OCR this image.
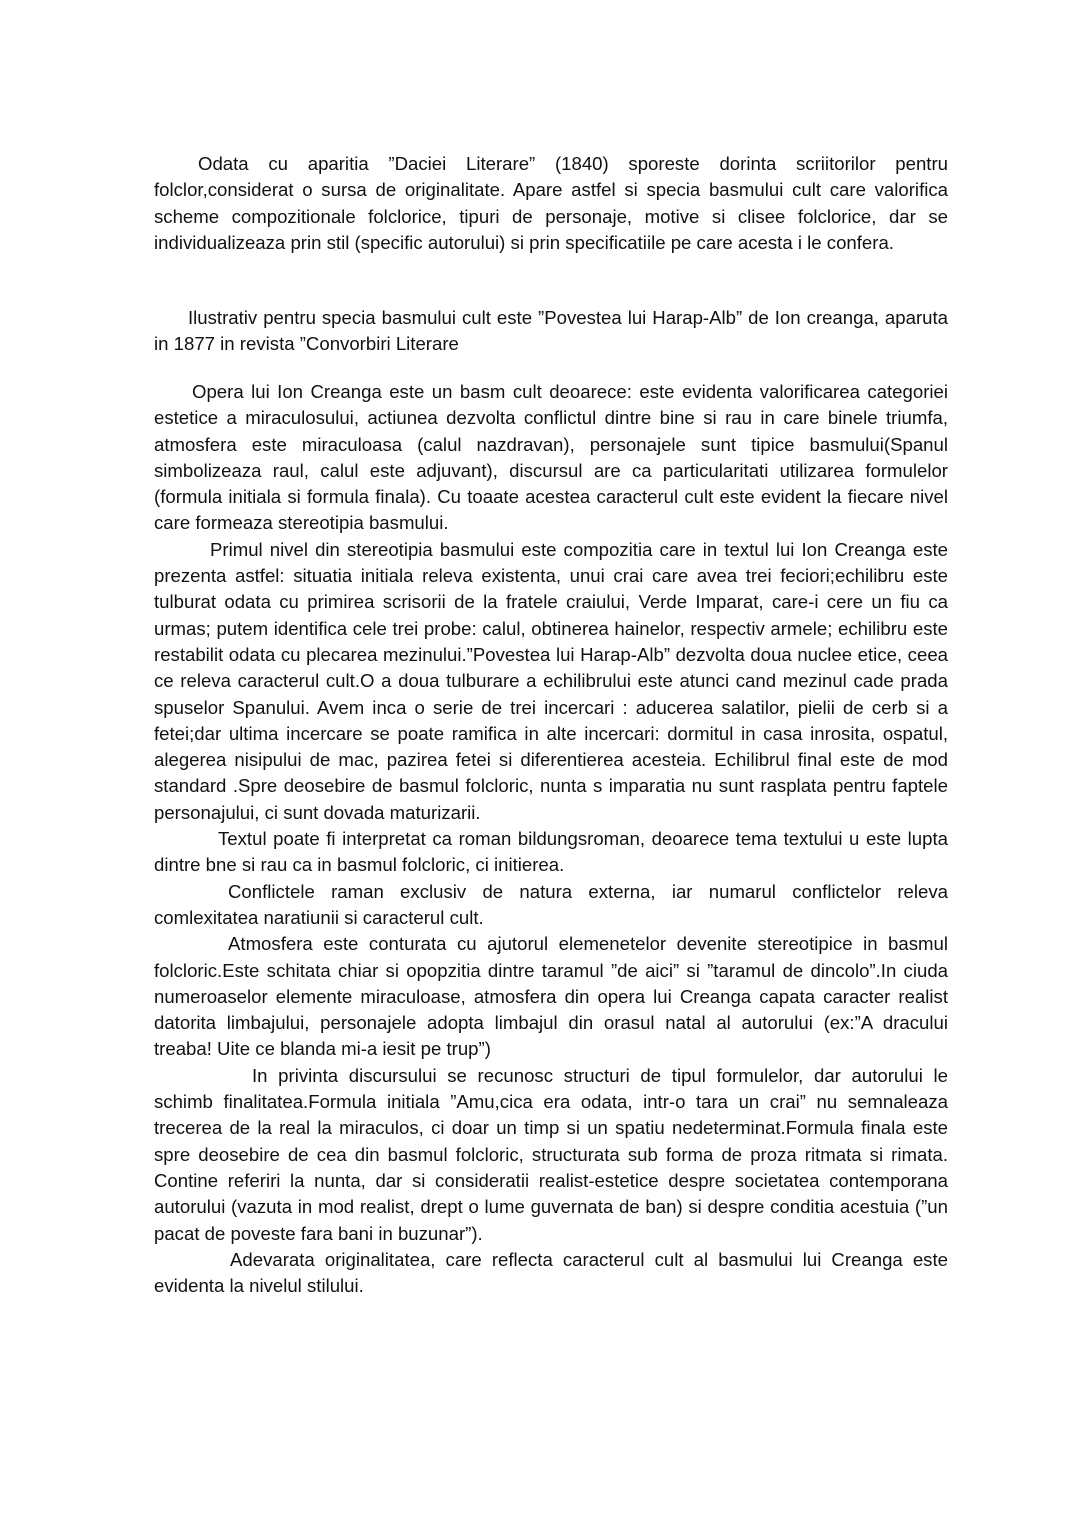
Odata cu aparitia ”Daciei Literare” (1840) sporeste dorinta scriitorilor pentru folclor,considerat o sursa de originalitate. Apare astfel si specia basmului cult care valorifica scheme compozitionale folclorice, tipuri de personaje, motive si clisee folclorice, dar se individualizeaza prin stil (specific autorului) si prin specificatiile pe care acesta i le confera.

Ilustrativ pentru specia basmului cult este ”Povestea lui Harap-Alb” de Ion creanga, aparuta in 1877 in revista ”Convorbiri Literare

Opera lui Ion Creanga este un basm cult deoarece: este evidenta valorificarea categoriei estetice a miraculosului, actiunea dezvolta conflictul dintre bine si rau in care binele triumfa, atmosfera este miraculoasa (calul nazdravan), personajele sunt tipice basmului(Spanul simbolizeaza raul, calul este adjuvant), discursul are ca particularitati utilizarea formulelor (formula initiala si formula finala). Cu toaate acestea caracterul cult este evident la fiecare nivel care formeaza stereotipia basmului.

Primul nivel din stereotipia basmului este compozitia care in textul lui Ion Creanga este prezenta astfel: situatia initiala releva existenta, unui crai care avea trei feciori;echilibru este tulburat odata cu primirea scrisorii de la fratele craiului, Verde Imparat, care-i cere un fiu ca urmas; putem identifica cele trei probe: calul, obtinerea hainelor, respectiv armele; echilibru este restabilit odata cu plecarea mezinului.”Povestea lui Harap-Alb” dezvolta doua nuclee etice, ceea ce releva caracterul cult.O a doua tulburare a echilibrului este atunci cand mezinul cade prada spuselor Spanului. Avem inca o serie de trei incercari : aducerea salatilor, pielii de cerb si a fetei;dar ultima incercare se poate ramifica in alte incercari: dormitul in casa inrosita, ospatul, alegerea nisipului de mac, pazirea fetei si diferentierea acesteia. Echilibrul final este de mod standard .Spre deosebire de basmul folcloric, nunta s imparatia nu sunt rasplata pentru faptele personajului, ci sunt dovada maturizarii.

Textul poate fi interpretat ca roman bildungsroman, deoarece tema textului u este lupta dintre bne si rau ca in basmul folcloric, ci initierea.

Conflictele raman exclusiv de natura externa, iar numarul conflictelor releva comlexitatea naratiunii si caracterul cult.

Atmosfera este conturata cu ajutorul elemenetelor devenite stereotipice in basmul folcloric.Este schitata chiar si opopzitia dintre taramul ”de aici” si ”taramul de dincolo”.In ciuda numeroaselor elemente miraculoase, atmosfera din opera lui Creanga capata caracter realist datorita limbajului, personajele adopta limbajul din orasul natal al autorului (ex:”A dracului treaba! Uite ce blanda mi-a iesit pe trup”)

In privinta discursului se recunosc structuri de tipul formulelor, dar autorului le schimb finalitatea.Formula initiala ”Amu,cica era odata, intr-o tara un crai” nu semnaleaza trecerea de la real la miraculos, ci doar un timp si un spatiu nedeterminat.Formula finala este spre deosebire de cea din basmul folcloric, structurata sub forma de proza ritmata si rimata. Contine referiri la nunta, dar si consideratii realist-estetice despre societatea contemporana autorului (vazuta in mod realist, drept o lume guvernata de ban) si despre conditia acestuia (”un pacat de poveste fara bani in buzunar”).

Adevarata originalitatea, care reflecta caracterul cult al basmului lui Creanga este evidenta la nivelul stilului.
